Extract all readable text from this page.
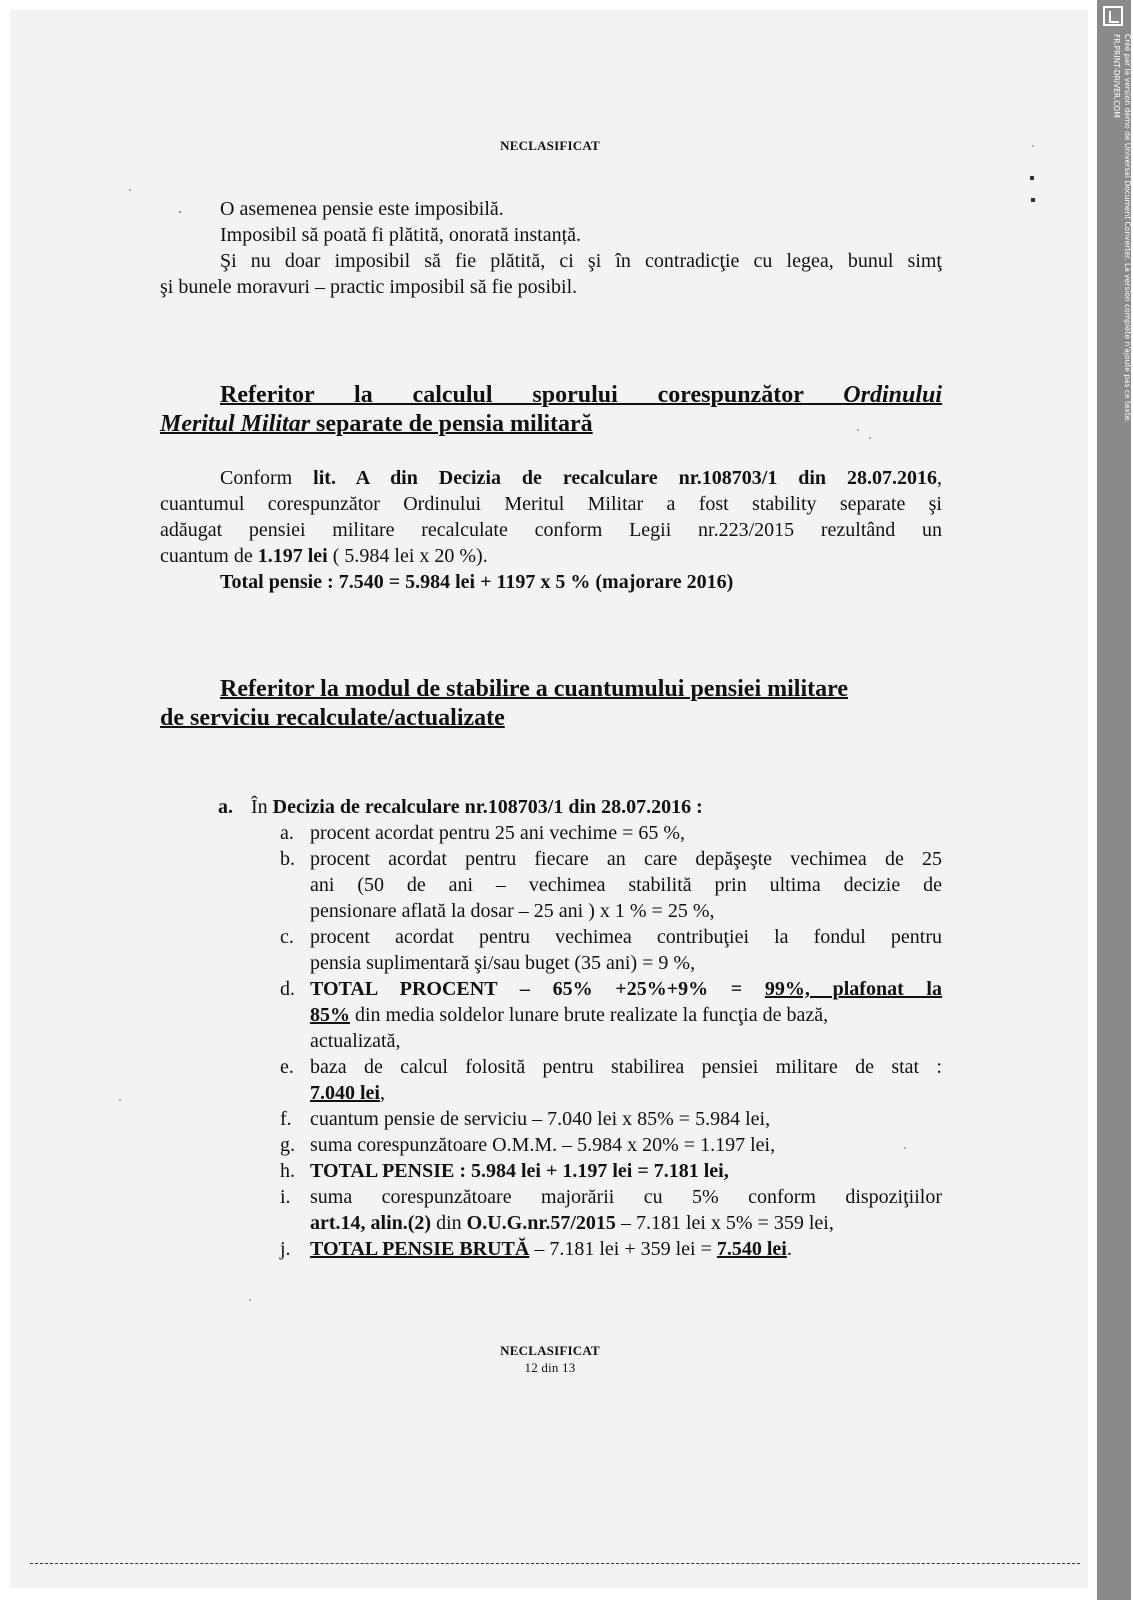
Créé par la version démo de Universal Document Converter. La version complète n'ajoute pas ce texte.
FR.PRINT-DRIVER.COM
NECLASIFICAT
O asemenea pensie este imposibilă.
Imposibil să poată fi plătită, onorată instanță.
Şi nu doar imposibil să fie plătită, ci şi în contradicţie cu legea, bunul simţ
şi bunele moravuri – practic imposibil să fie posibil.
Referitor la calculul sporului corespunzător Ordinului
Meritul Militar separate de pensia militară
Conform lit. A din Decizia de recalculare nr.108703/1 din 28.07.2016,
cuantumul corespunzător Ordinului Meritul Militar a fost stability separate şi
adăugat pensiei militare recalculate conform Legii nr.223/2015 rezultând un
cuantum de 1.197 lei ( 5.984 lei x 20 %).
Total pensie : 7.540 = 5.984 lei + 1197 x 5 % (majorare 2016)
Referitor la modul de stabilire a cuantumului pensiei militare
de serviciu recalculate/actualizate
a. În Decizia de recalculare nr.108703/1 din 28.07.2016 :
a. procent acordat pentru 25 ani vechime = 65 %,
b. procent acordat pentru fiecare an care depăşeşte vechimea de 25
ani (50 de ani – vechimea stabilită prin ultima decizie de
pensionare aflată la dosar – 25 ani ) x 1 % = 25 %,
c. procent acordat pentru vechimea contribuţiei la fondul pentru
pensia suplimentară şi/sau buget (35 ani) = 9 %,
d. TOTAL PROCENT – 65% +25%+9% = 99%, plafonat la
85% din media soldelor lunare brute realizate la funcţia de bază,
actualizată,
e. baza de calcul folosită pentru stabilirea pensiei militare de stat :
7.040 lei,
f. cuantum pensie de serviciu – 7.040 lei x 85% = 5.984 lei,
g. suma corespunzătoare O.M.M. – 5.984 x 20% = 1.197 lei,
h. TOTAL PENSIE : 5.984 lei + 1.197 lei = 7.181 lei,
i. suma corespunzătoare majorării cu 5% conform dispoziţiilor
art.14, alin.(2) din O.U.G.nr.57/2015 – 7.181 lei x 5% = 359 lei,
j. TOTAL PENSIE BRUTĂ – 7.181 lei + 359 lei = 7.540 lei.
NECLASIFICAT
12 din 13
